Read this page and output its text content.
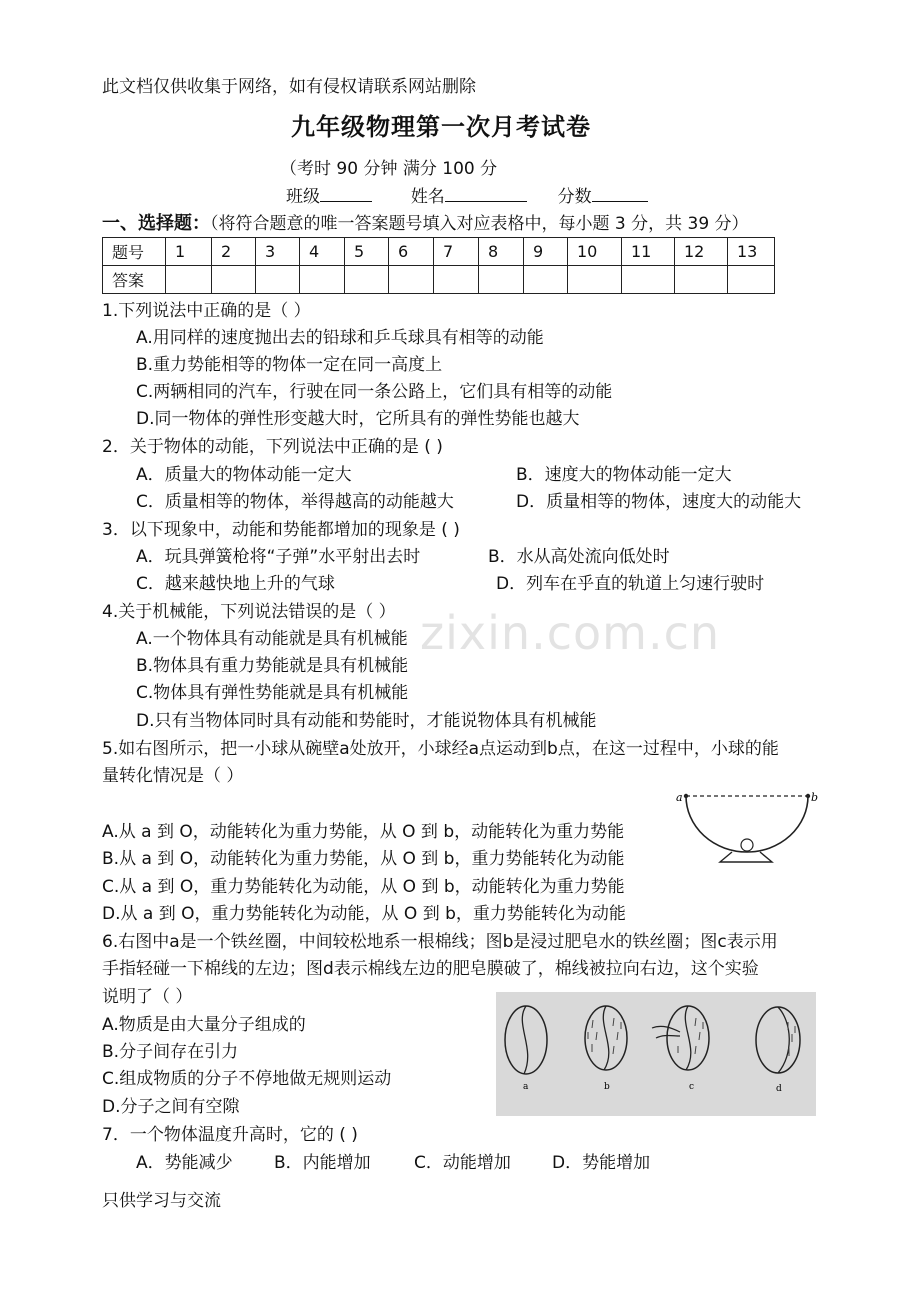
此文档仅供收集于网络，如有侵权请联系网站删除
九年级物理第一次月考试卷
（考时 90 分钟 满分 100 分
班级	姓名	分数
一、选择题：（将符合题意的唯一答案题号填入对应表格中，每小题 3 分，共 39 分）
题号	1	2	3	4	5	6	7	8	9	10	11	12	13
答案													
1.下列说法中正确的是（ ）
A.用同样的速度抛出去的铅球和乒乓球具有相等的动能
B.重力势能相等的物体一定在同一高度上
C.两辆相同的汽车，行驶在同一条公路上，它们具有相等的动能
D.同一物体的弹性形变越大时，它所具有的弹性势能也越大
2．关于物体的动能，下列说法中正确的是 ( )
A．质量大的物体动能一定大	B．速度大的物体动能一定大
C．质量相等的物体，举得越高的动能越大	D．质量相等的物体，速度大的动能大
3．以下现象中，动能和势能都增加的现象是 ( )
A．玩具弹簧枪将“子弹”水平射出去时	B．水从高处流向低处时
C．越来越快地上升的气球	D．列车在乎直的轨道上匀速行驶时
zixin.com.cn
4.关于机械能，下列说法错误的是（ ）
A.一个物体具有动能就是具有机械能
B.物体具有重力势能就是具有机械能
C.物体具有弹性势能就是具有机械能
D.只有当物体同时具有动能和势能时，才能说物体具有机械能
5.如右图所示，把一小球从碗壁a处放开，小球经a点运动到b点，在这一过程中，小球的能
量转化情况是（ ）
a	b
A.从 a 到 O，动能转化为重力势能，从 O 到 b，动能转化为重力势能
B.从 a 到 O，动能转化为重力势能，从 O 到 b，重力势能转化为动能
C.从 a 到 O，重力势能转化为动能，从 O 到 b，动能转化为重力势能
D.从 a 到 O，重力势能转化为动能，从 O 到 b，重力势能转化为动能
6.右图中a是一个铁丝圈，中间较松地系一根棉线；图b是浸过肥皂水的铁丝圈；图c表示用
手指轻碰一下棉线的左边；图d表示棉线左边的肥皂膜破了，棉线被拉向右边，这个实验
说明了（ ）
A.物质是由大量分子组成的
B.分子间存在引力
C.组成物质的分子不停地做无规则运动
D.分子之间有空隙
a	b	c	d
7．一个物体温度升高时，它的 ( )
A．势能减少 B．内能增加	C．动能增加 D．势能增加
只供学习与交流
